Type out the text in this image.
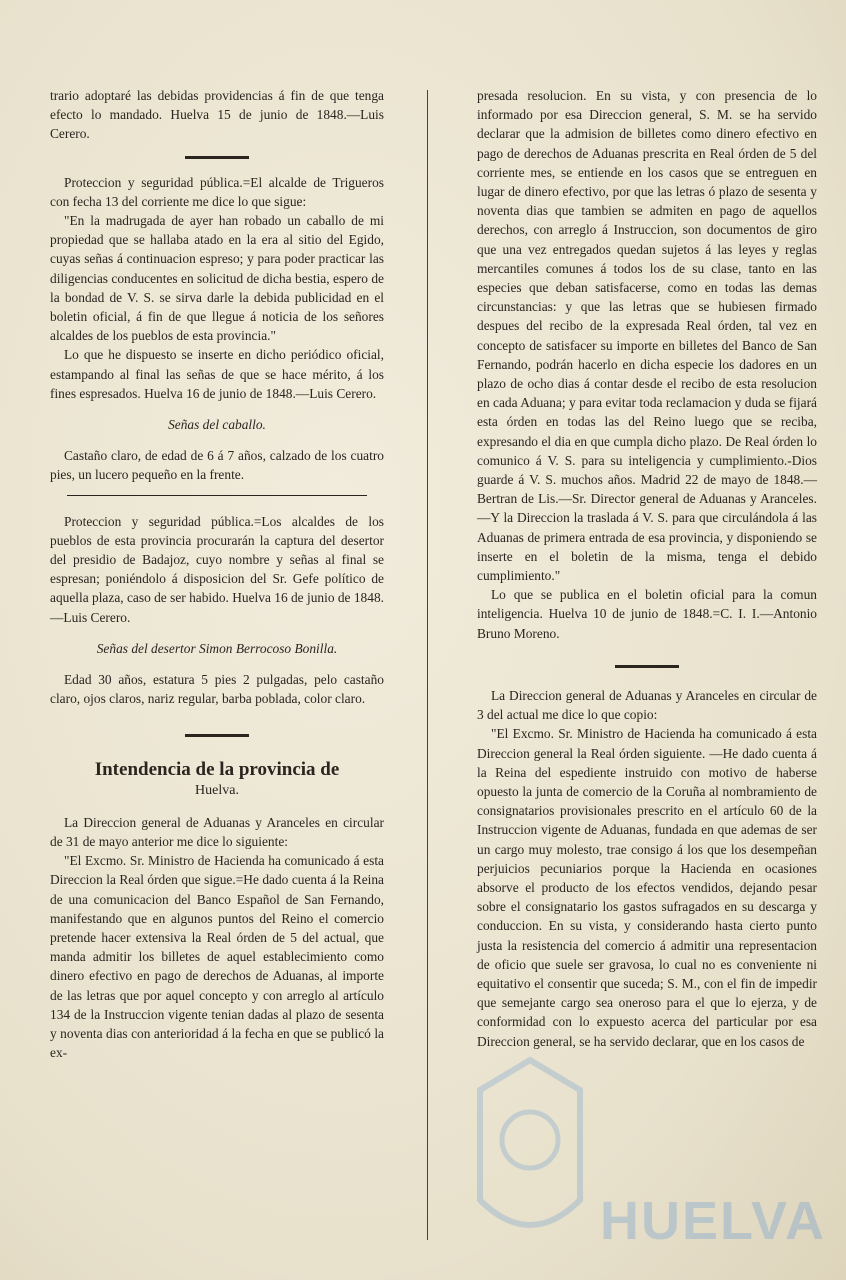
trario adoptaré las debidas providencias á fin de que tenga efecto lo mandado. Huelva 15 de junio de 1848.—Luis Cerero.

Proteccion y seguridad pública.=El alcalde de Trigueros con fecha 13 del corriente me dice lo que sigue:

"En la madrugada de ayer han robado un caballo de mi propiedad que se hallaba atado en la era al sitio del Egido, cuyas señas á continuacion espreso; y para poder practicar las diligencias conducentes en solicitud de dicha bestia, espero de la bondad de V. S. se sirva darle la debida publicidad en el boletin oficial, á fin de que llegue á noticia de los señores alcaldes de los pueblos de esta provincia."

Lo que he dispuesto se inserte en dicho periódico oficial, estampando al final las señas de que se hace mérito, á los fines espresados. Huelva 16 de junio de 1848.—Luis Cerero.

Señas del caballo.

Castaño claro, de edad de 6 á 7 años, calzado de los cuatro pies, un lucero pequeño en la frente.

Proteccion y seguridad pública.=Los alcaldes de los pueblos de esta provincia procurarán la captura del desertor del presidio de Badajoz, cuyo nombre y señas al final se espresan; poniéndolo á disposicion del Sr. Gefe político de aquella plaza, caso de ser habido. Huelva 16 de junio de 1848.—Luis Cerero.

Señas del desertor Simon Berrocoso Bonilla.

Edad 30 años, estatura 5 pies 2 pulgadas, pelo castaño claro, ojos claros, nariz regular, barba poblada, color claro.

Intendencia de la provincia de

Huelva.

La Direccion general de Aduanas y Aranceles en circular de 31 de mayo anterior me dice lo siguiente:

"El Excmo. Sr. Ministro de Hacienda ha comunicado á esta Direccion la Real órden que sigue.=He dado cuenta á la Reina de una comunicacion del Banco Español de San Fernando, manifestando que en algunos puntos del Reino el comercio pretende hacer extensiva la Real órden de 5 del actual, que manda admitir los billetes de aquel establecimiento como dinero efectivo en pago de derechos de Aduanas, al importe de las letras que por aquel concepto y con arreglo al artículo 134 de la Instruccion vigente tenian dadas al plazo de sesenta y noventa dias con anterioridad á la fecha en que se publicó la ex-

presada resolucion. En su vista, y con presencia de lo informado por esa Direccion general, S. M. se ha servido declarar que la admision de billetes como dinero efectivo en pago de derechos de Aduanas prescrita en Real órden de 5 del corriente mes, se entiende en los casos que se entreguen en lugar de dinero efectivo, por que las letras ó plazo de sesenta y noventa dias que tambien se admiten en pago de aquellos derechos, con arreglo á Instruccion, son documentos de giro que una vez entregados quedan sujetos á las leyes y reglas mercantiles comunes á todos los de su clase, tanto en las especies que deban satisfacerse, como en todas las demas circunstancias: y que las letras que se hubiesen firmado despues del recibo de la expresada Real órden, tal vez en concepto de satisfacer su importe en billetes del Banco de San Fernando, podrán hacerlo en dicha especie los dadores en un plazo de ocho dias á contar desde el recibo de esta resolucion en cada Aduana; y para evitar toda reclamacion y duda se fijará esta órden en todas las del Reino luego que se reciba, expresando el dia en que cumpla dicho plazo. De Real órden lo comunico á V. S. para su inteligencia y cumplimiento.-Dios guarde á V. S. muchos años. Madrid 22 de mayo de 1848.—Bertran de Lis.—Sr. Director general de Aduanas y Aranceles.—Y la Direccion la traslada á V. S. para que circulándola á las Aduanas de primera entrada de esa provincia, y disponiendo se inserte en el boletin de la misma, tenga el debido cumplimiento."

Lo que se publica en el boletin oficial para la comun inteligencia. Huelva 10 de junio de 1848.=C. I. I.—Antonio Bruno Moreno.

La Direccion general de Aduanas y Aranceles en circular de 3 del actual me dice lo que copio:

"El Excmo. Sr. Ministro de Hacienda ha comunicado á esta Direccion general la Real órden siguiente. —He dado cuenta á la Reina del espediente instruido con motivo de haberse opuesto la junta de comercio de la Coruña al nombramiento de consignatarios provisionales prescrito en el artículo 60 de la Instruccion vigente de Aduanas, fundada en que ademas de ser un cargo muy molesto, trae consigo á los que los desempeñan perjuicios pecuniarios porque la Hacienda en ocasiones absorve el producto de los efectos vendidos, dejando pesar sobre el consignatario los gastos sufragados en su descarga y conduccion. En su vista, y considerando hasta cierto punto justa la resistencia del comercio á admitir una representacion de oficio que suele ser gravosa, lo cual no es conveniente ni equitativo el consentir que suceda; S. M., con el fin de impedir que semejante cargo sea oneroso para el que lo ejerza, y de conformidad con lo expuesto acerca del particular por esa Direccion general, se ha servido declarar, que en los casos de

HUELVA
